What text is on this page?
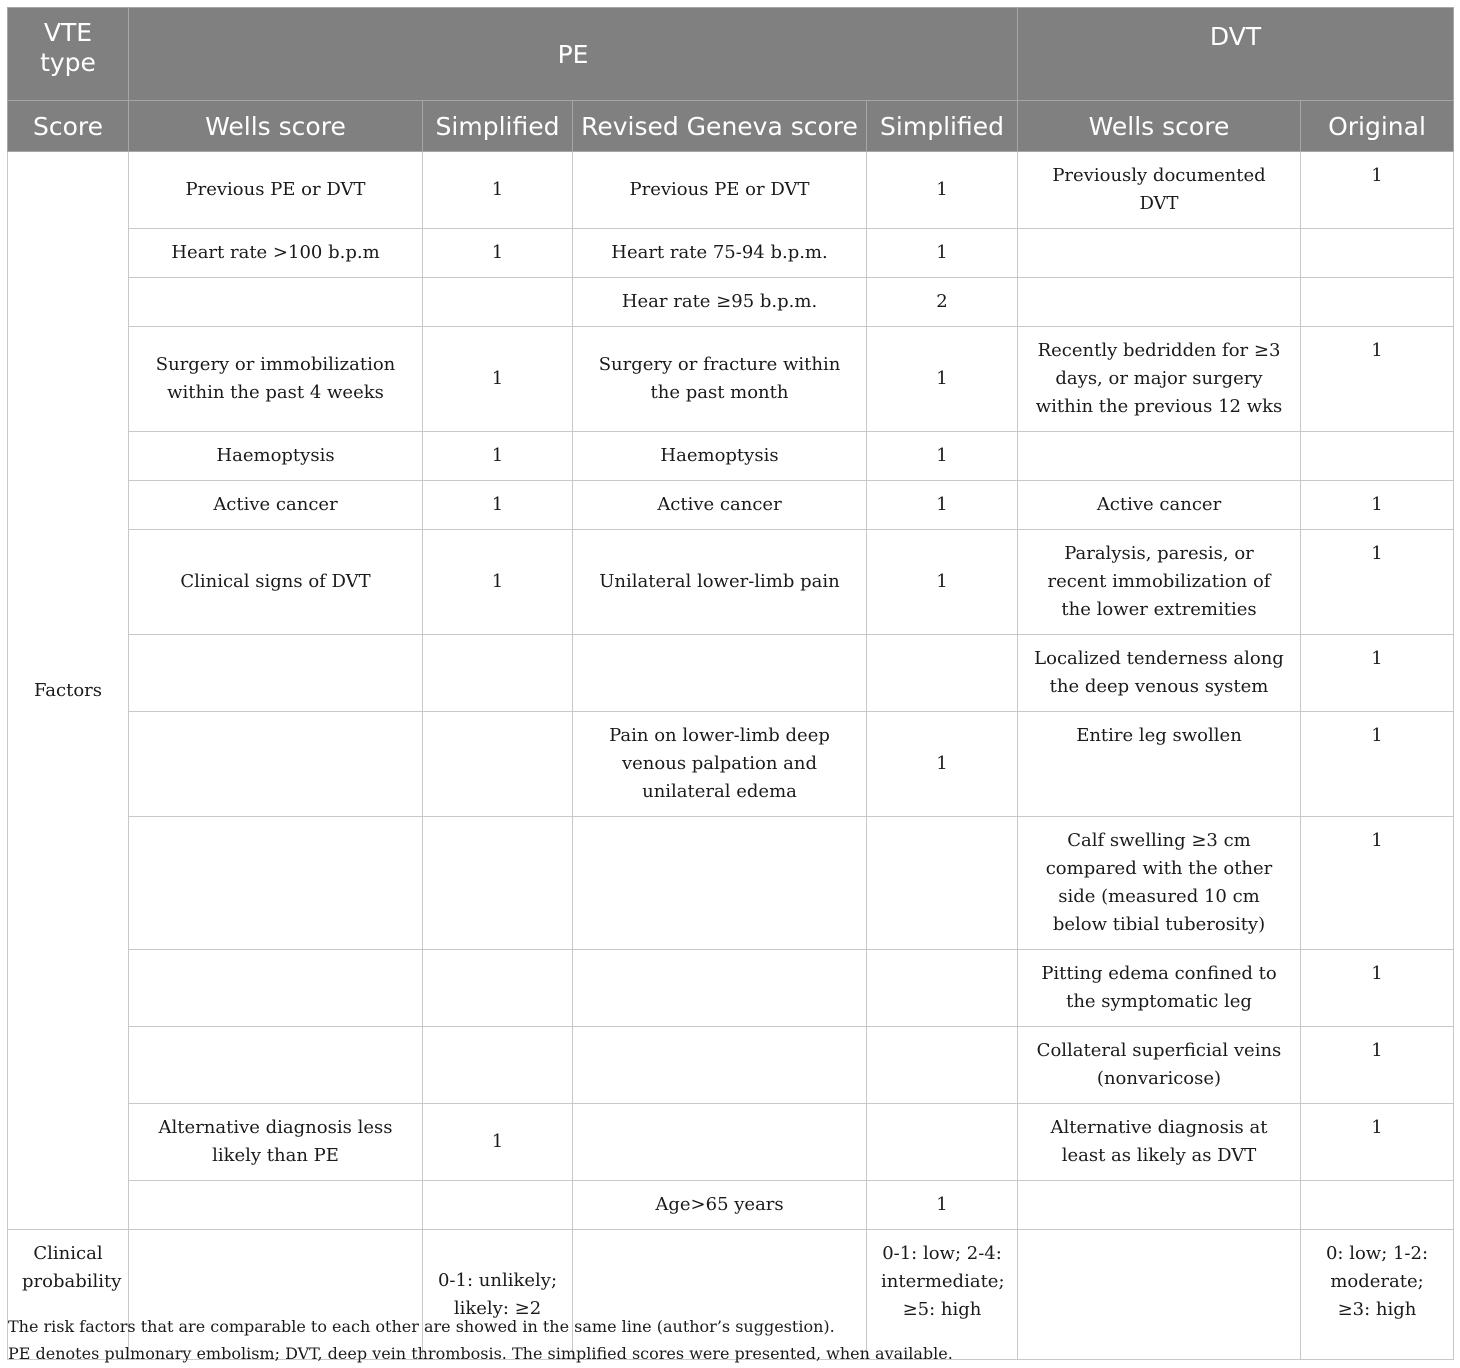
VTE type	PE				DVT	
Score	Wells score	Simplified	Revised Geneva score	Simplified	Wells score	Original
Factors	Previous PE or DVT	1	Previous PE or DVT	1	Previously documented DVT	1
	Heart rate >100 b.p.m	1	Heart rate 75-94 b.p.m.	1		
			Hear rate ≥95 b.p.m.	2		
	Surgery or immobilization within the past 4 weeks	1	Surgery or fracture within the past month	1	Recently bedridden for ≥3 days, or major surgery within the previous 12 wks	1
	Haemoptysis	1	Haemoptysis	1		
	Active cancer	1	Active cancer	1	Active cancer	1
	Clinical signs of DVT	1	Unilateral lower-limb pain	1	Paralysis, paresis, or recent immobilization of the lower extremities	1
					Localized tenderness along the deep venous system	1
			Pain on lower-limb deep venous palpation and unilateral edema	1	Entire leg swollen	1
					Calf swelling ≥3 cm compared with the other side (measured 10 cm below tibial tuberosity)	1
					Pitting edema confined to the symptomatic leg	1
					Collateral superficial veins (nonvaricose)	1
	Alternative diagnosis less likely than PE	1			Alternative diagnosis at least as likely as DVT	1
			Age>65 years	1		
Clinical probability		0-1: unlikely; likely: ≥2		0-1: low; 2-4: intermediate; ≥5: high		0: low; 1-2: moderate; ≥3: high
The risk factors that are comparable to each other are showed in the same line (author’s suggestion).
PE denotes pulmonary embolism; DVT, deep vein thrombosis. The simplified scores were presented, when available.
